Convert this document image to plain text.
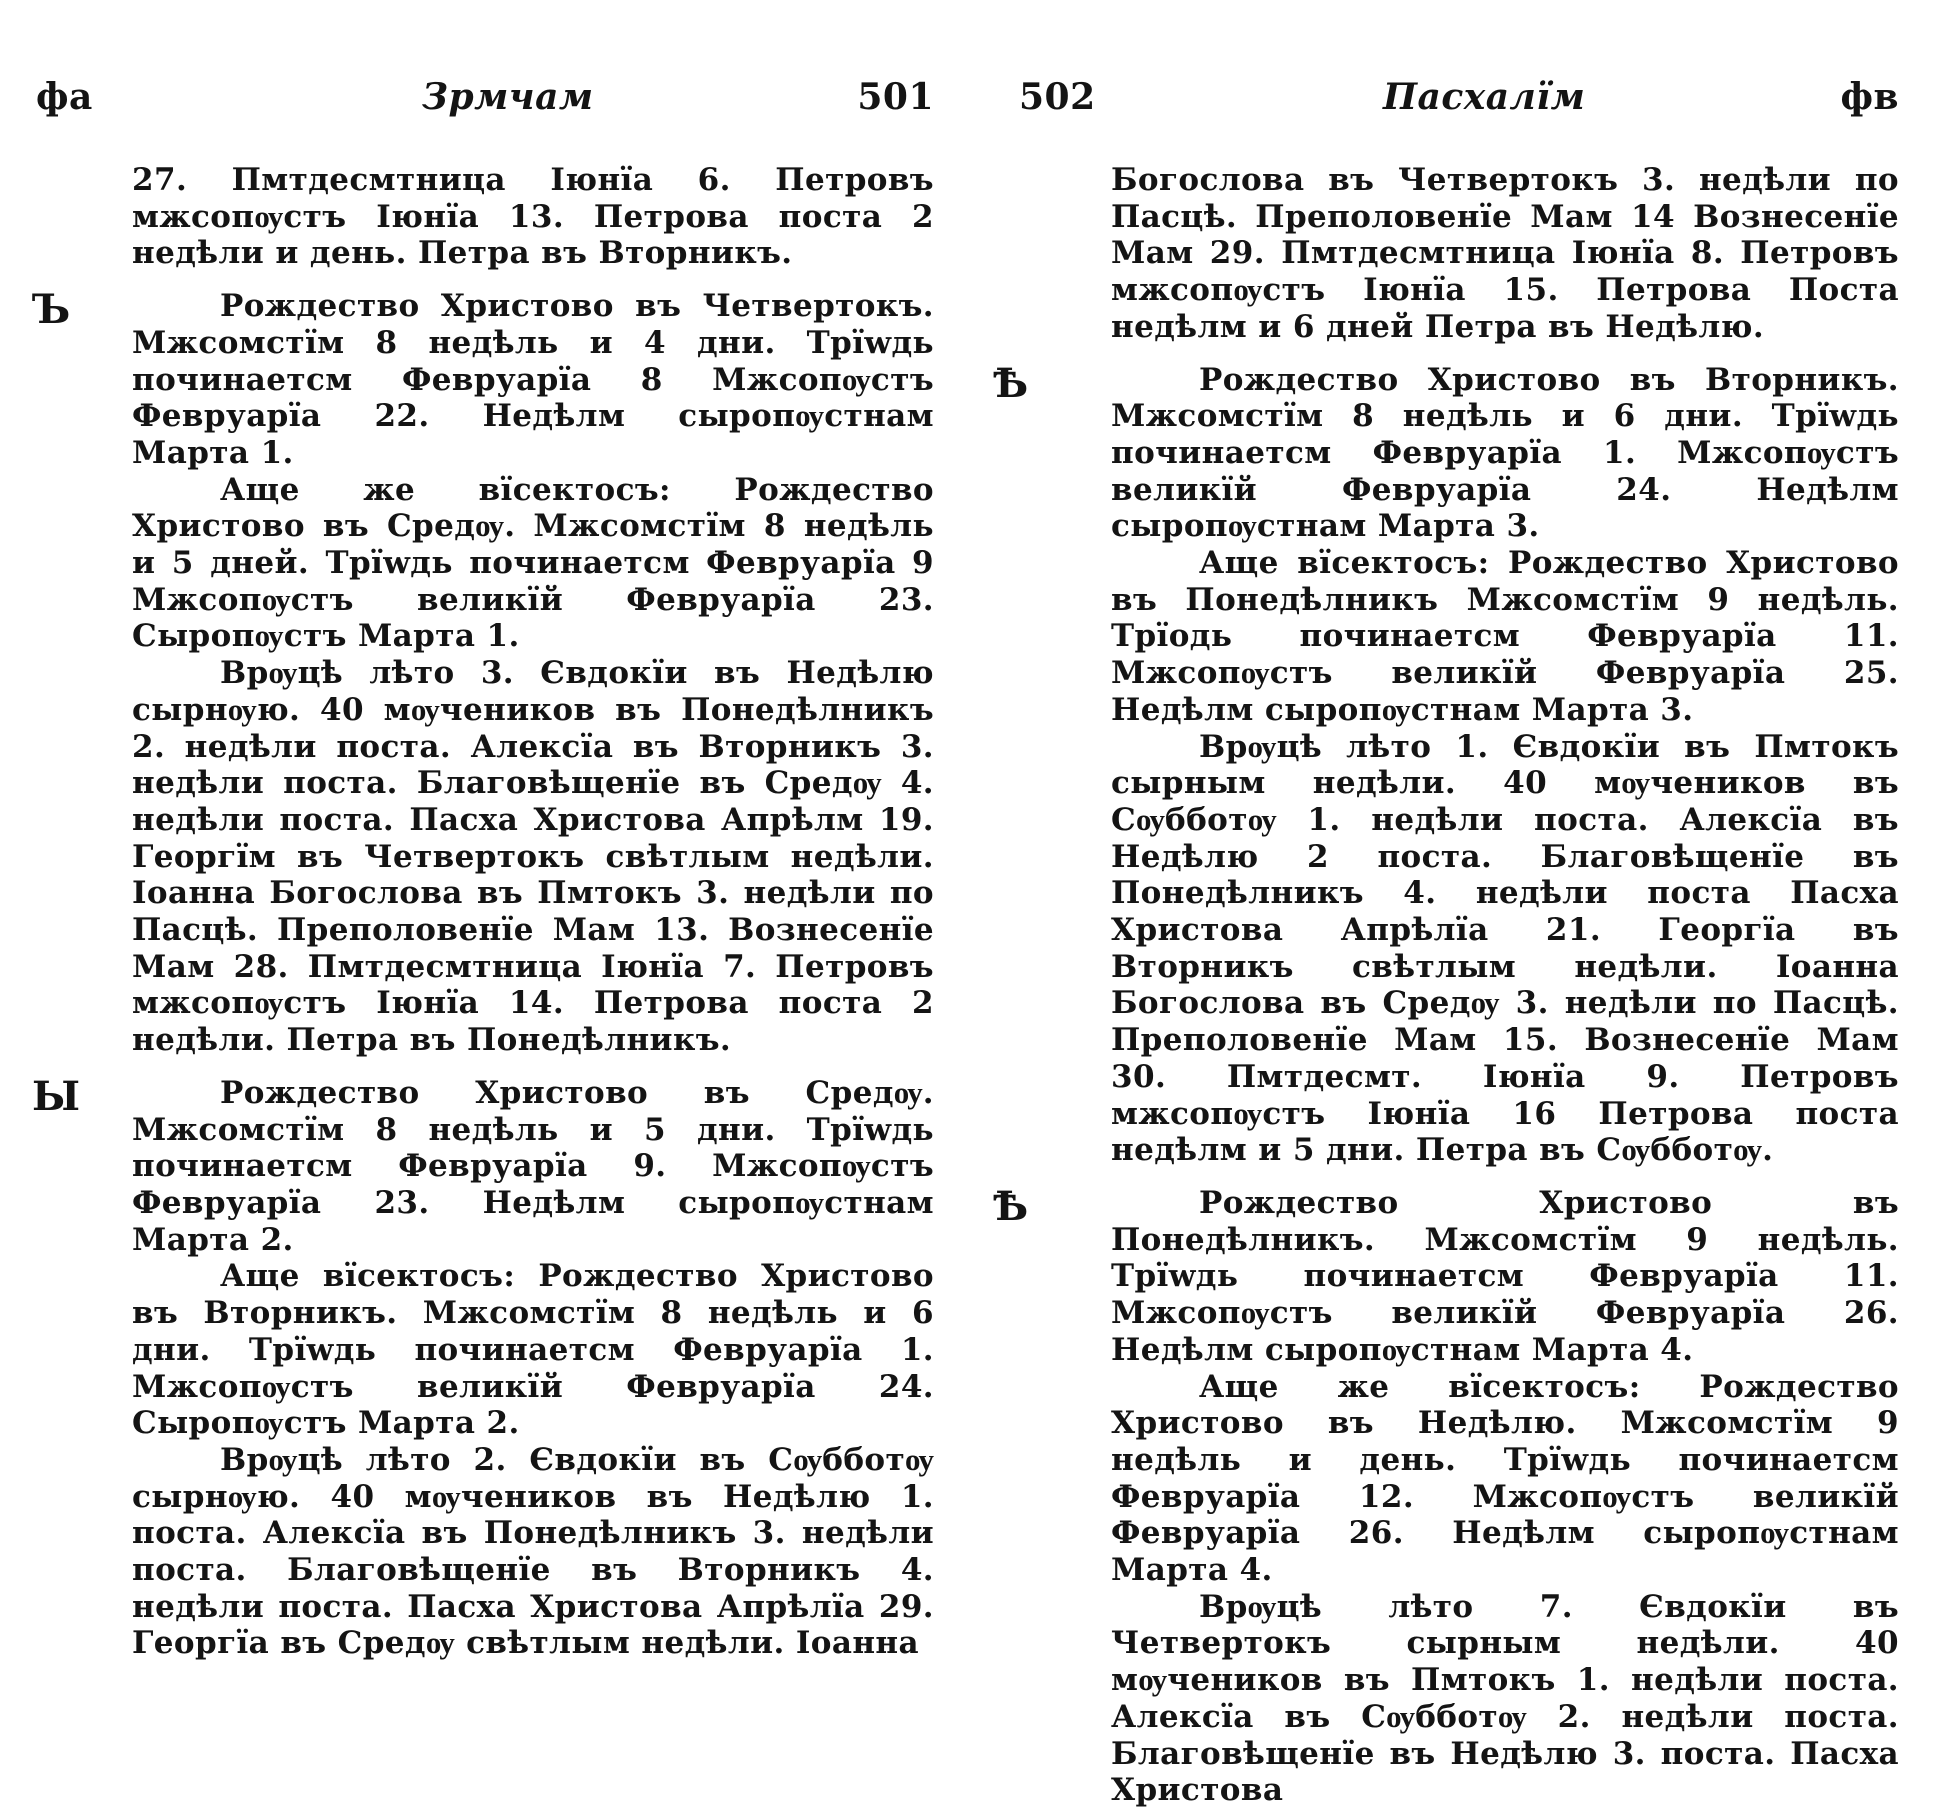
фа	Зрмчам	501

27. Пмтдесмтница Іюнїа 6. Петровъ мжсопѹстъ Іюнїа 13. Петрова поста 2 недѣли и день. Петра въ Вторникъ.

Ъ	Рождество Христово въ Четвертокъ. Мжсомстїм 8 недѣль и 4 дни. Трїwдь починаетсм Февруарїа 8 Мжсопѹстъ Февруарїа 22. Недѣлм сыропѹстнам Марта 1.

Аще же вїсектосъ: Рождество Христово въ Средѹ. Мжсомстїм 8 недѣль и 5 дней. Трїwдь починаетсм Февруарїа 9 Мжсопѹстъ великїй Февруарїа 23. Сыропѹстъ Марта 1.

Врѹцѣ лѣто 3. Євдокїи въ Недѣлю сырнѹю. 40 мѹчеников въ Понедѣлникъ 2. недѣли поста. Алексїа въ Вторникъ 3. недѣли поста. Благовѣщенїе въ Средѹ 4. недѣли поста. Пасха Христова Апрѣлм 19. Георгїм въ Четвертокъ свѣтлым недѣли. Іоанна Богослова въ Пмтокъ 3. недѣли по Пасцѣ. Преполовенїе Мам 13. Вознесенїе Мам 28. Пмтдесмтница Іюнїа 7. Петровъ мжсопѹстъ Іюнїа 14. Петрова поста 2 недѣли. Петра въ Понедѣлникъ.

Ы	Рождество Христово въ Средѹ. Мжсомстїм 8 недѣль и 5 дни. Трїwдь починаетсм Февруарїа 9. Мжсопѹстъ Февруарїа 23. Недѣлм сыропѹстнам Марта 2.

Аще вїсектосъ: Рождество Христово въ Вторникъ. Мжсомстїм 8 недѣль и 6 дни. Трїwдь починаетсм Февруарїа 1. Мжсопѹстъ великїй Февруарїа 24. Сыропѹстъ Марта 2.

Врѹцѣ лѣто 2. Євдокїи въ Сѹбботѹ сырнѹю. 40 мѹчеников въ Недѣлю 1. поста. Алексїа въ Понедѣлникъ 3. недѣли поста. Благовѣщенїе въ Вторникъ 4. недѣли поста. Пасха Христова Апрѣлїа 29. Георгїа въ Средѹ свѣтлым недѣли. Іоанна

502	Пасхалїм	фв

Богослова въ Четвертокъ 3. недѣли по Пасцѣ. Преполовенїе Мам 14 Вознесенїе Мам 29. Пмтдесмтница Іюнїа 8. Петровъ мжсопѹстъ Іюнїа 15. Петрова Поста недѣлм и 6 дней Петра въ Недѣлю.

Ѣ	Рождество Христово въ Вторникъ. Мжсомстїм 8 недѣль и 6 дни. Трїwдь починаетсм Февруарїа 1. Мжсопѹстъ великїй Февруарїа 24. Недѣлм сыропѹстнам Марта 3.

Аще вїсектосъ: Рождество Христово въ Понедѣлникъ Мжсомстїм 9 недѣль. Трїодь починаетсм Февруарїа 11. Мжсопѹстъ великїй Февруарїа 25. Недѣлм сыропѹстнам Марта 3.

Врѹцѣ лѣто 1. Євдокїи въ Пмтокъ сырным недѣли. 40 мѹчеников въ Сѹбботѹ 1. недѣли поста. Алексїа въ Недѣлю 2 поста. Благовѣщенїе въ Понедѣлникъ 4. недѣли поста Пасха Христова Апрѣлїа 21. Георгїа въ Вторникъ свѣтлым недѣли. Іоанна Богослова въ Средѹ 3. недѣли по Пасцѣ. Преполовенїе Мам 15. Вознесенїе Мам 30. Пмтдесмт. Іюнїа 9. Петровъ мжсопѹстъ Іюнїа 16 Петрова поста недѣлм и 5 дни. Петра въ Сѹбботѹ.

Ѣ	Рождество Христово въ Понедѣлникъ. Мжсомстїм 9 недѣль. Трїwдь починаетсм Февруарїа 11. Мжсопѹстъ великїй Февруарїа 26. Недѣлм сыропѹстнам Марта 4.

Аще же вїсектосъ: Рождество Христово въ Недѣлю. Мжсомстїм 9 недѣль и день. Трїwдь починаетсм Февруарїа 12. Мжсопѹстъ великїй Февруарїа 26. Недѣлм сыропѹстнам Марта 4.

Врѹцѣ лѣто 7. Євдокїи въ Четвертокъ сырным недѣли. 40 мѹчеников въ Пмтокъ 1. недѣли поста. Алексїа въ Сѹбботѹ 2. недѣли поста. Благовѣщенїе въ Недѣлю 3. поста. Пасха Христова
